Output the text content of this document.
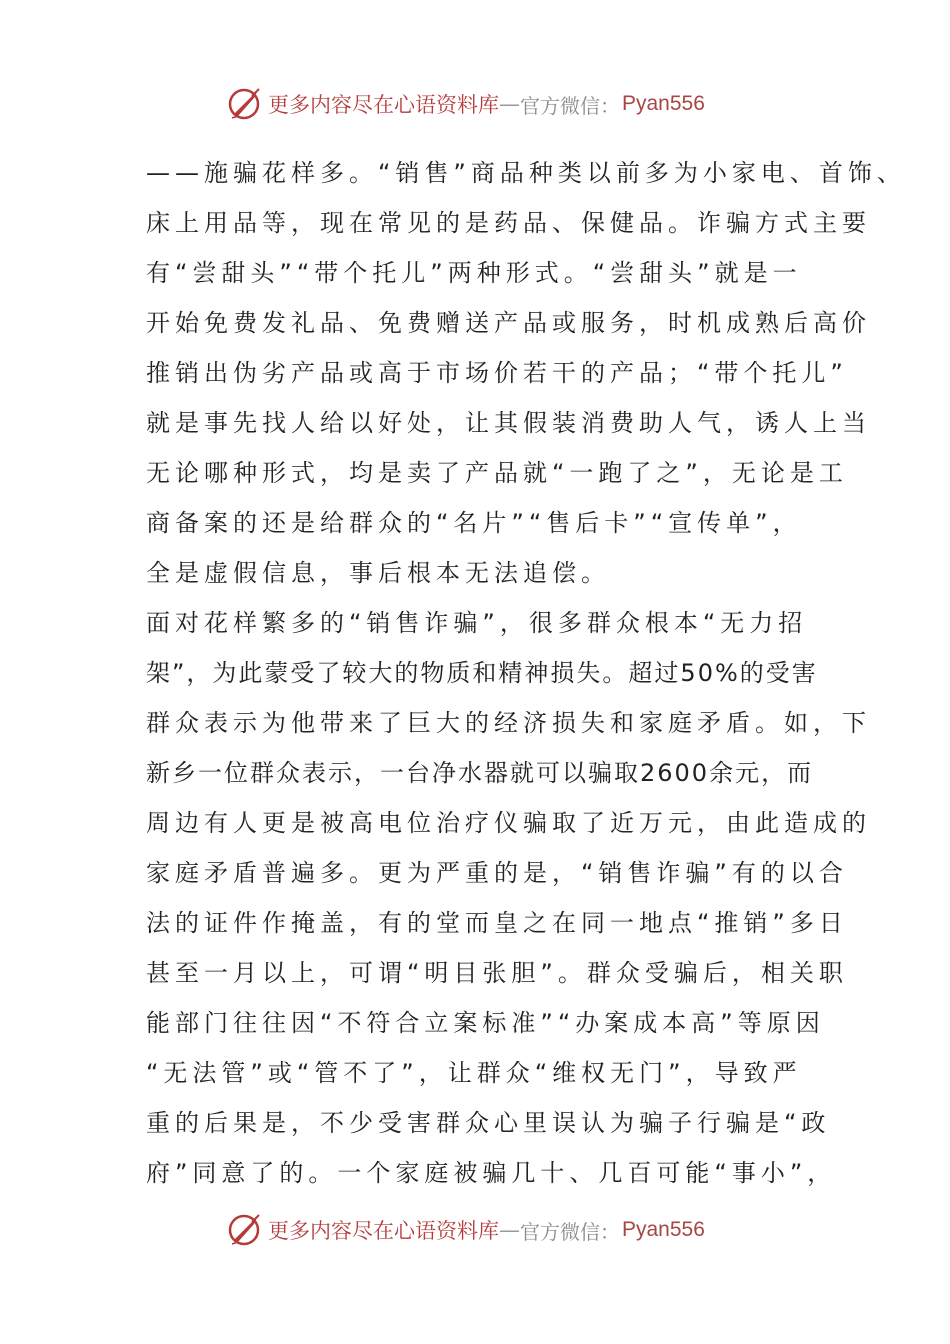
更多内容尽在心语资料库 — 官方微信： Pyan556
——施骗花样多。“销售”商品种类以前多为小家电、首饰、
床上用品等，现在常见的是药品、保健品。诈骗方式主要
有“尝甜头”“带个托儿”两种形式。“尝甜头”就是一
开始免费发礼品、免费赠送产品或服务，时机成熟后高价
推销出伪劣产品或高于市场价若干的产品；“带个托儿”
就是事先找人给以好处，让其假装消费助人气，诱人上当
无论哪种形式，均是卖了产品就“一跑了之”，无论是工
商备案的还是给群众的“名片”“售后卡”“宣传单”，
全是虚假信息，事后根本无法追偿。
面对花样繁多的“销售诈骗”，很多群众根本“无力招
架”，为此蒙受了较大的物质和精神损失。超过50%的受害
群众表示为他带来了巨大的经济损失和家庭矛盾。如，下
新乡一位群众表示，一台净水器就可以骗取2600余元，而
周边有人更是被高电位治疗仪骗取了近万元，由此造成的
家庭矛盾普遍多。更为严重的是，“销售诈骗”有的以合
法的证件作掩盖，有的堂而皇之在同一地点“推销”多日
甚至一月以上，可谓“明目张胆”。群众受骗后，相关职
能部门往往因“不符合立案标准”“办案成本高”等原因
“无法管”或“管不了”，让群众“维权无门”，导致严
重的后果是，不少受害群众心里误认为骗子行骗是“政
府”同意了的。一个家庭被骗几十、几百可能“事小”，
更多内容尽在心语资料库 — 官方微信： Pyan556
